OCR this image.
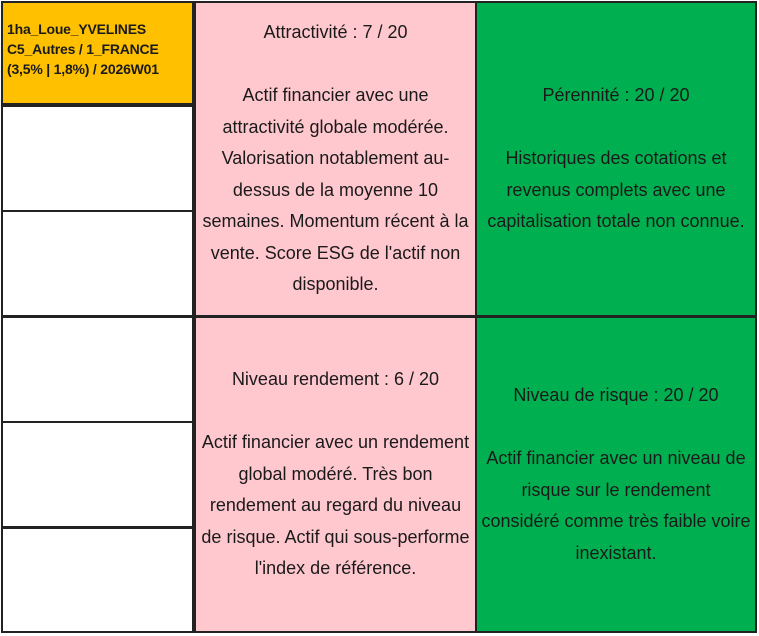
1ha_Loue_YVELINES
C5_Autres / 1_FRANCE
(3,5% | 1,8%) / 2026W01
Attractivité : 7 / 20
Actif financier avec une attractivité globale modérée. Valorisation notablement au-dessus de la moyenne 10 semaines. Momentum récent à la vente. Score ESG de l'actif non disponible.
Pérennité : 20 / 20
Historiques des cotations et revenus complets avec une capitalisation totale non connue.
Niveau rendement : 6 / 20
Actif financier avec un rendement global modéré. Très bon rendement au regard du niveau de risque. Actif qui sous-performe l'index de référence.
Niveau de risque : 20 / 20
Actif financier avec un niveau de risque sur le rendement considéré comme très faible voire inexistant.
